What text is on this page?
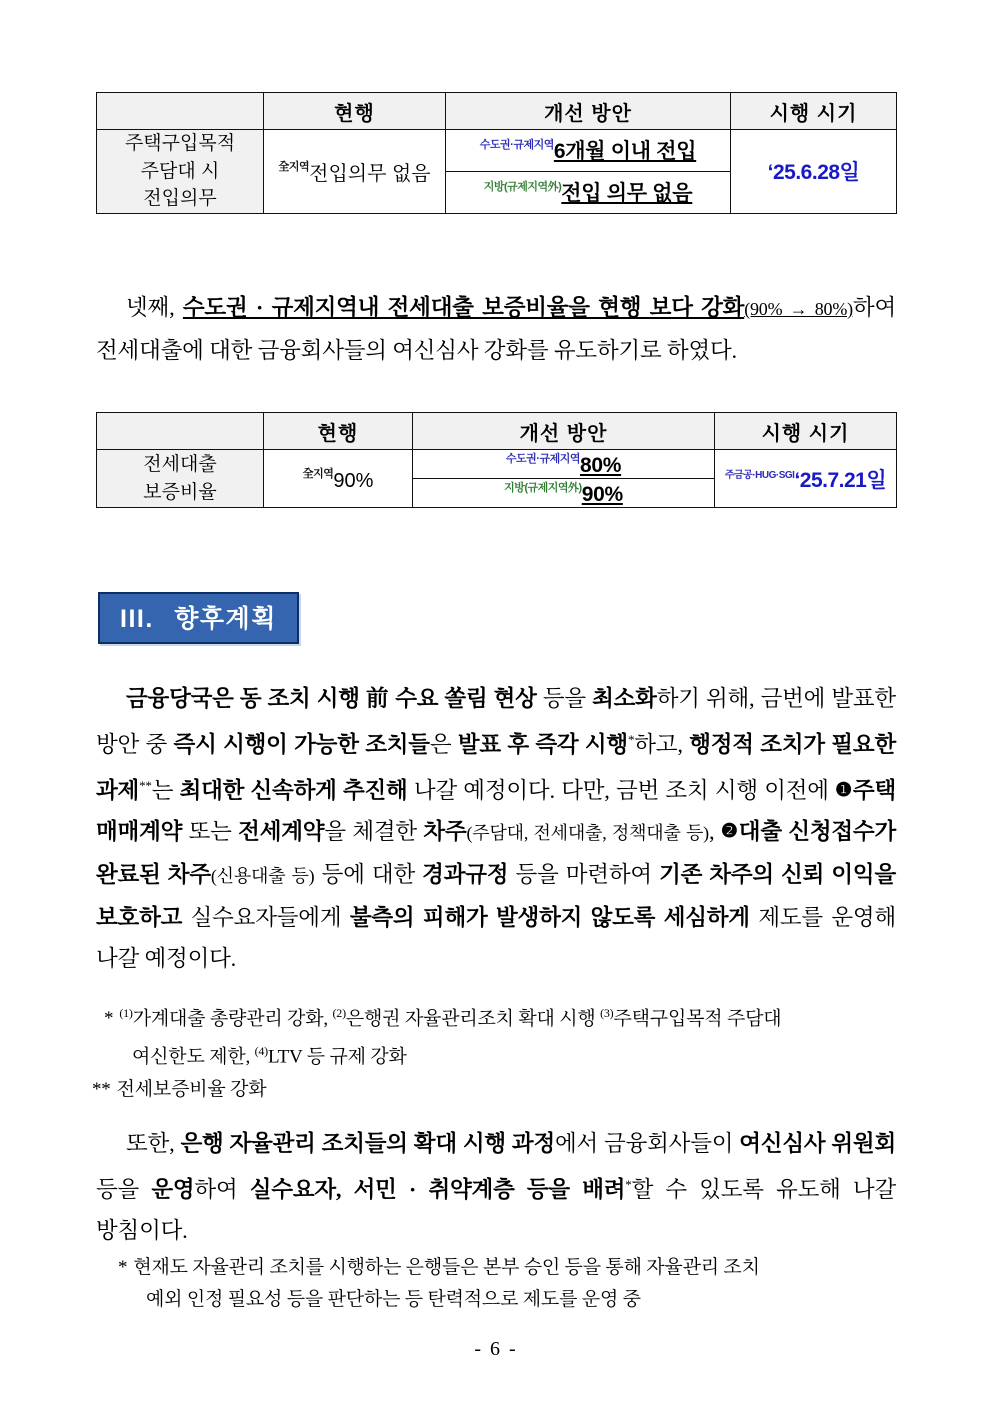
	현행	개선 방안	시행 시기
주택구입목적
주담대 시
전입의무	$^{全지역}$전입의무 없음	$^{수도권\cdot 규제지역}$6개월 이내 전입	‘25.6.28일
		$^{지방(규제지역外)}$전입 의무 없음	
넷째, 수도권 · 규제지역내 전세대출 보증비율을 현행 보다 강화(90% → 80%)하여 전세대출에 대한 금융회사들의 여신심사 강화를 유도하기로 하였다.
	현행	개선 방안	시행 시기
전세대출
보증비율	$^{全지역}$90%	$^{수도권\cdot 규제지역}$80%	$^{주금공\cdot HUG\cdot SGI}$‘25.7.21일
		$^{지방(규제지역外)}$90%	
III. 향후계획
금융당국은 동 조치 시행 前 수요 쏠림 현상 등을 최소화하기 위해, 금번에 발표한 방안 중 즉시 시행이 가능한 조치들은 발표 후 즉각 시행*하고, 행정적 조치가 필요한 과제**는 최대한 신속하게 추진해 나갈 예정이다. 다만, 금번 조치 시행 이전에 ❶주택 매매계약 또는 전세계약을 체결한 차주(주담대, 전세대출, 정책대출 등), ❷대출 신청접수가 완료된 차주(신용대출 등) 등에 대한 경과규정 등을 마련하여 기존 차주의 신뢰 이익을 보호하고 실수요자들에게 불측의 피해가 발생하지 않도록 세심하게 제도를 운영해 나갈 예정이다.
* $^{(1)}$가계대출 총량관리 강화, $^{(2)}$은행권 자율관리조치 확대 시행 $^{(3)}$주택구입목적 주담대
여신한도 제한, $^{(4)}$LTV 등 규제 강화
** 전세보증비율 강화
또한, 은행 자율관리 조치들의 확대 시행 과정에서 금융회사들이 여신심사 위원회 등을 운영하여 실수요자, 서민 · 취약계층 등을 배려*할 수 있도록 유도해 나갈 방침이다.
* 현재도 자율관리 조치를 시행하는 은행들은 본부 승인 등을 통해 자율관리 조치
예외 인정 필요성 등을 판단하는 등 탄력적으로 제도를 운영 중
- 6 -
